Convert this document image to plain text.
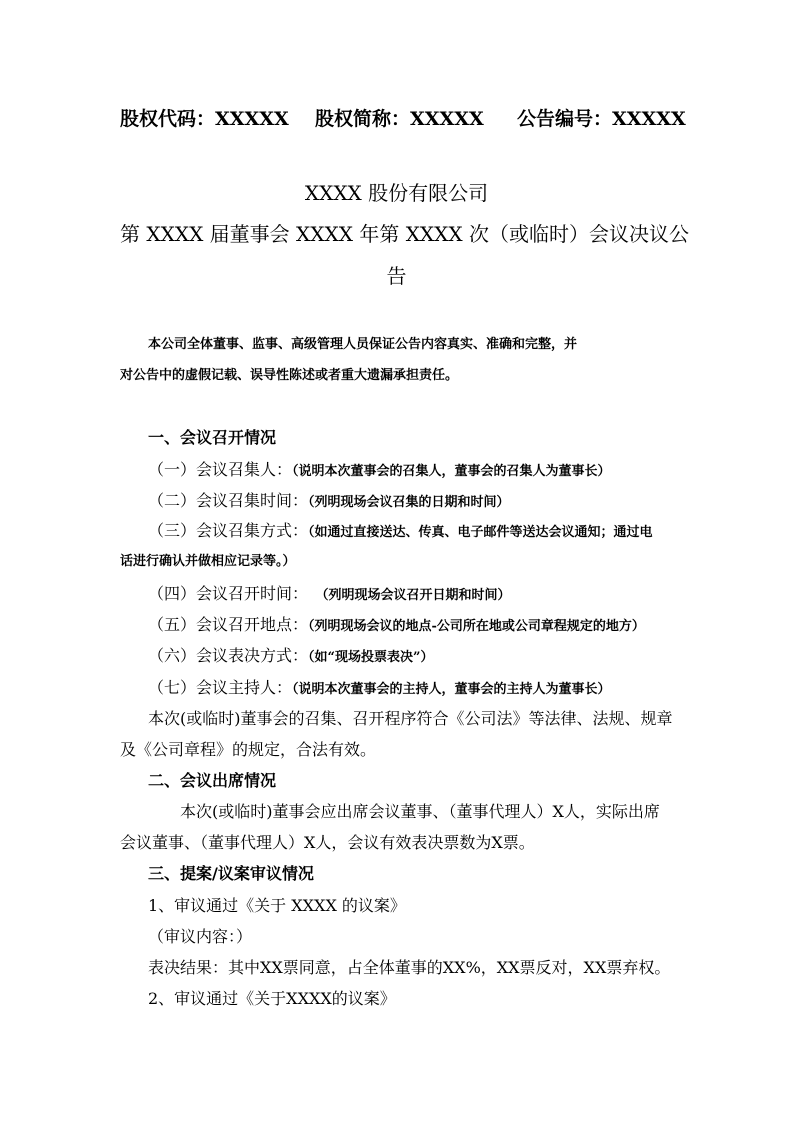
股权代码：XXXXX 股权简称：XXXXX 公告编号：XXXXX
XXXX 股份有限公司
第 XXXX 届董事会 XXXX 年第 XXXX 次（或临时）会议决议公
告
本公司全体董事、监事、高级管理人员保证公告内容真实、准确和完整，并
对公告中的虚假记载、误导性陈述或者重大遗漏承担责任。
一、会议召开情况
（一）会议召集人：（说明本次董事会的召集人，董事会的召集人为董事长）
（二）会议召集时间：（列明现场会议召集的日期和时间）
（三）会议召集方式：（如通过直接送达、传真、电子邮件等送达会议通知；通过电
话进行确认并做相应记录等。）
（四）会议召开时间： （列明现场会议召开日期和时间）
（五）会议召开地点：（列明现场会议的地点-公司所在地或公司章程规定的地方）
（六）会议表决方式：（如“现场投票表决”）
（七）会议主持人：（说明本次董事会的主持人，董事会的主持人为董事长）
本次(或临时)董事会的召集、召开程序符合《公司法》等法律、法规、规章
及《公司章程》的规定，合法有效。
二、会议出席情况
本次(或临时)董事会应出席会议董事、（董事代理人）X人，实际出席
会议董事、（董事代理人）X人，会议有效表决票数为X票。
三、提案/议案审议情况
1、审议通过《关于 XXXX 的议案》
（审议内容：）
表决结果：其中XX票同意，占全体董事的XX%，XX票反对，XX票弃权。
2、审议通过《关于XXXX的议案》
